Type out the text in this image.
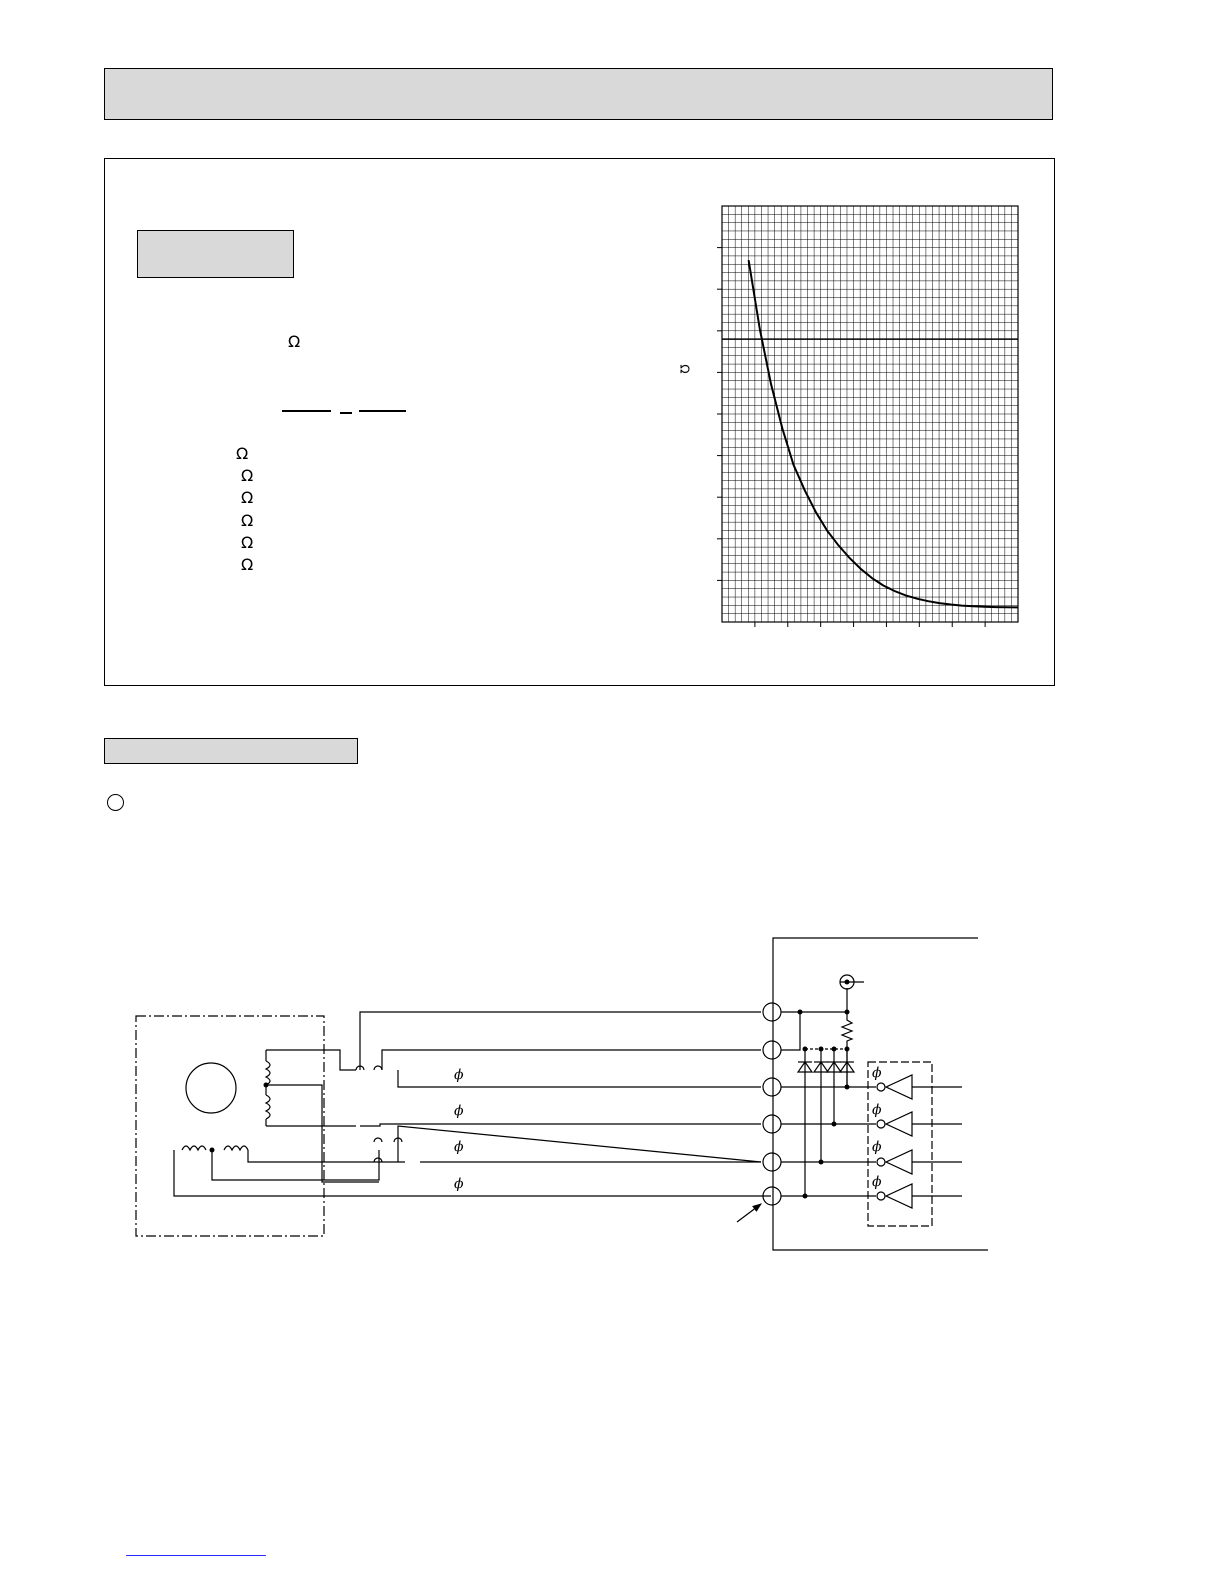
Ω
Ω
Ω
Ω
Ω
Ω
Ω
Ω
ϕ
ϕ
ϕ
ϕ
ϕ
ϕ
ϕ
ϕ
